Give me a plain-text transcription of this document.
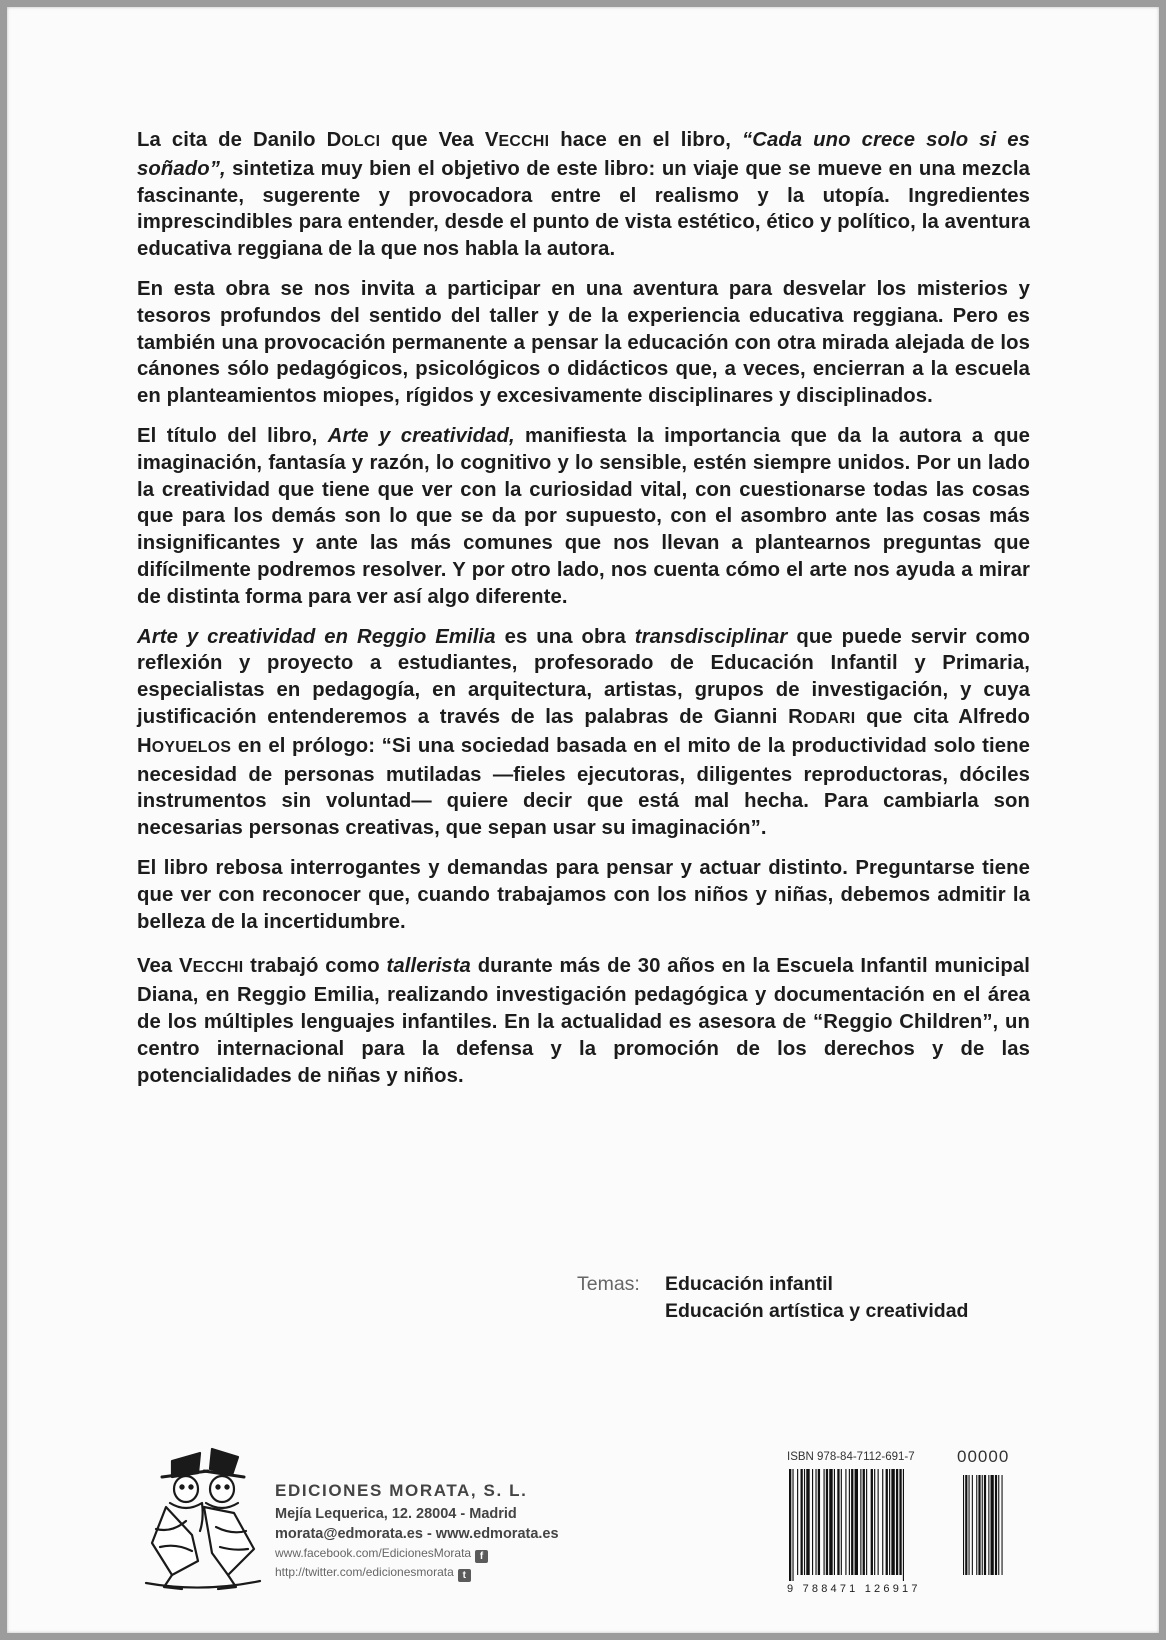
La cita de Danilo DOLCI que Vea VECCHI hace en el libro, “Cada uno crece solo si es soñado”, sintetiza muy bien el objetivo de este libro: un viaje que se mueve en una mezcla fascinante, sugerente y provocadora entre el realismo y la utopía. Ingredientes imprescindibles para entender, desde el punto de vista estético, ético y político, la aventura educativa reggiana de la que nos habla la autora.

En esta obra se nos invita a participar en una aventura para desvelar los misterios y tesoros profundos del sentido del taller y de la experiencia educativa reggiana. Pero es también una provocación permanente a pensar la educación con otra mirada alejada de los cánones sólo pedagógicos, psicológicos o didácticos que, a veces, encierran a la escuela en planteamientos miopes, rígidos y excesivamente disciplinares y disciplinados.

El título del libro, Arte y creatividad, manifiesta la importancia que da la autora a que imaginación, fantasía y razón, lo cognitivo y lo sensible, estén siempre unidos. Por un lado la creatividad que tiene que ver con la curiosidad vital, con cuestionarse todas las cosas que para los demás son lo que se da por supuesto, con el asombro ante las cosas más insignificantes y ante las más comunes que nos llevan a plantearnos preguntas que difícilmente podremos resolver. Y por otro lado, nos cuenta cómo el arte nos ayuda a mirar de distinta forma para ver así algo diferente.

Arte y creatividad en Reggio Emilia es una obra transdisciplinar que puede servir como reflexión y proyecto a estudiantes, profesorado de Educación Infantil y Primaria, especialistas en pedagogía, en arquitectura, artistas, grupos de investigación, y cuya justificación entenderemos a través de las palabras de Gianni RODARI que cita Alfredo HOYUELOS en el prólogo: “Si una sociedad basada en el mito de la productividad solo tiene necesidad de personas mutiladas —fieles ejecutoras, diligentes reproductoras, dóciles instrumentos sin voluntad— quiere decir que está mal hecha. Para cambiarla son necesarias personas creativas, que sepan usar su imaginación”.

El libro rebosa interrogantes y demandas para pensar y actuar distinto. Preguntarse tiene que ver con reconocer que, cuando trabajamos con los niños y niñas, debemos admitir la belleza de la incertidumbre.

Vea VECCHI trabajó como tallerista durante más de 30 años en la Escuela Infantil municipal Diana, en Reggio Emilia, realizando investigación pedagógica y documentación en el área de los múltiples lenguajes infantiles. En la actualidad es asesora de “Reggio Children”, un centro internacional para la defensa y la promoción de los derechos y de las potencialidades de niñas y niños.

Temas: Educación infantil
Educación artística y creatividad
EDICIONES MORATA, S. L.
Mejía Lequerica, 12. 28004 - Madrid
morata@edmorata.es - www.edmorata.es
www.facebook.com/EdicionesMorata f
http://twitter.com/edicionesmorata t
ISBN 978-84-7112-691-7 00000
9 788471 126917
